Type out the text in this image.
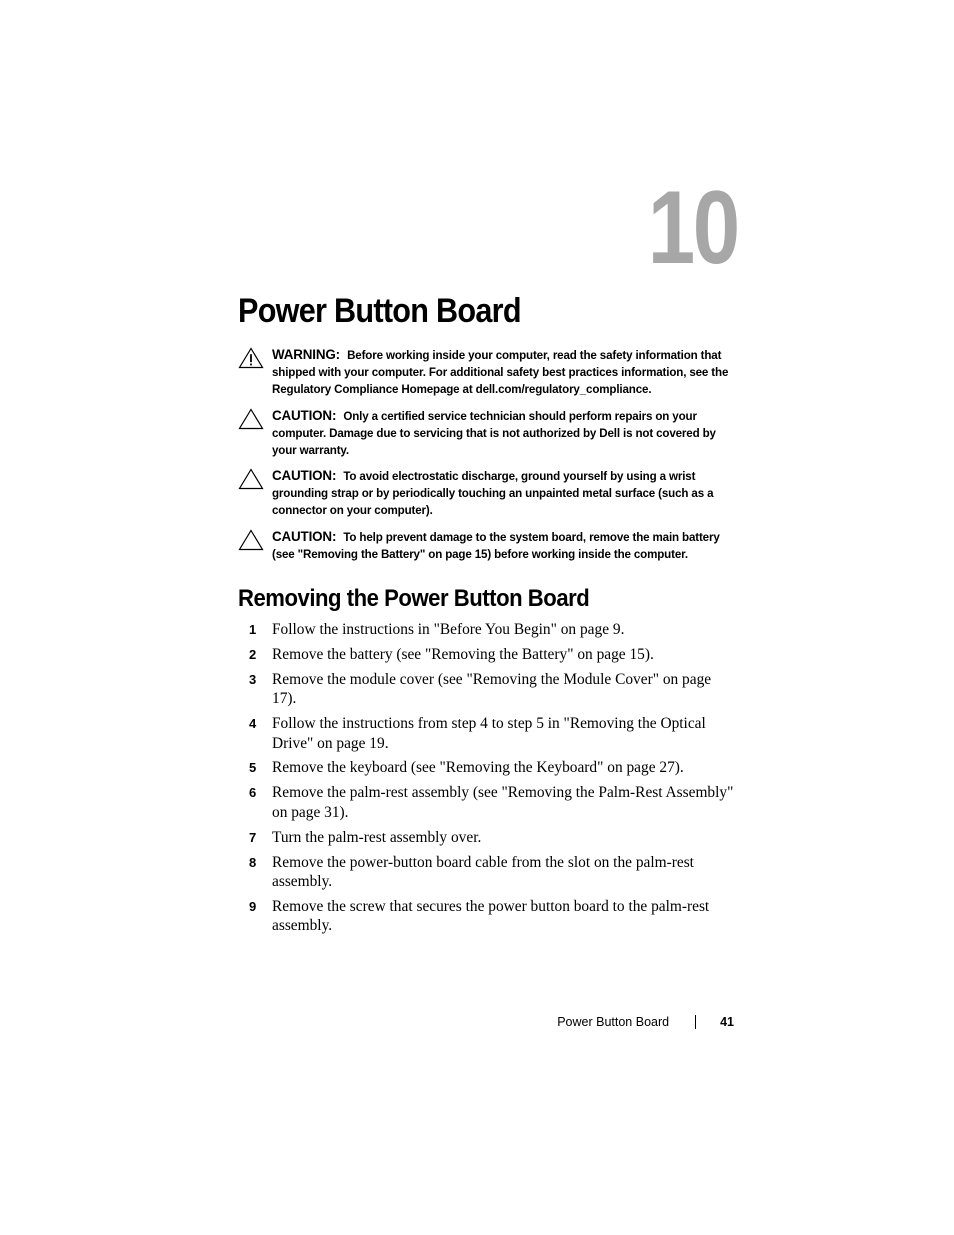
10
Power Button Board
WARNING: Before working inside your computer, read the safety information that shipped with your computer. For additional safety best practices information, see the Regulatory Compliance Homepage at dell.com/regulatory_compliance.
CAUTION: Only a certified service technician should perform repairs on your computer. Damage due to servicing that is not authorized by Dell is not covered by your warranty.
CAUTION: To avoid electrostatic discharge, ground yourself by using a wrist grounding strap or by periodically touching an unpainted metal surface (such as a connector on your computer).
CAUTION: To help prevent damage to the system board, remove the main battery (see "Removing the Battery" on page 15) before working inside the computer.
Removing the Power Button Board
1	Follow the instructions in "Before You Begin" on page 9.
2	Remove the battery (see "Removing the Battery" on page 15).
3	Remove the module cover (see "Removing the Module Cover" on page 17).
4	Follow the instructions from step 4 to step 5 in "Removing the Optical Drive" on page 19.
5	Remove the keyboard (see "Removing the Keyboard" on page 27).
6	Remove the palm-rest assembly (see "Removing the Palm-Rest Assembly" on page 31).
7	Turn the palm-rest assembly over.
8	Remove the power-button board cable from the slot on the palm-rest assembly.
9	Remove the screw that secures the power button board to the palm-rest assembly.
Power Button Board	41
